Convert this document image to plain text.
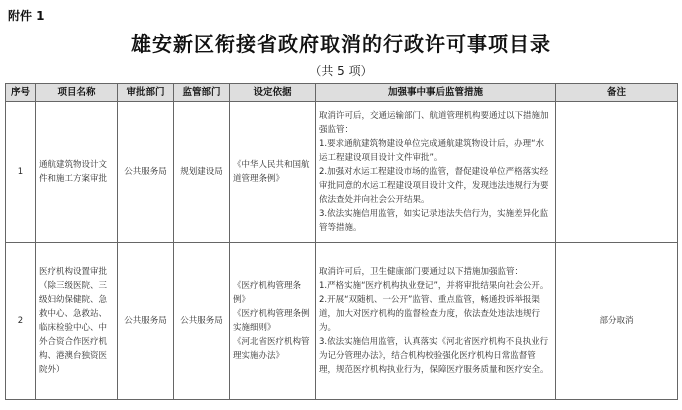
附件 1
雄安新区衔接省政府取消的行政许可事项目录
（共 5 项）
序号	项目名称	审批部门	监管部门	设定依据	加强事中事后监管措施	备注
1	通航建筑物设计文件和施工方案审批	公共服务局	规划建设局	《中华人民共和国航道管理条例》	取消许可后，交通运输部门、航道管理机构要通过以下措施加强监管：
1.要求通航建筑物建设单位完成通航建筑物设计后，办理“水运工程建设项目设计文件审批”。
2.加强对水运工程建设市场的监管，督促建设单位严格落实经审批同意的水运工程建设项目设计文件，发现违法违规行为要依法查处并向社会公开结果。
3.依法实施信用监管，如实记录违法失信行为，实施差异化监管等措施。	

2	医疗机构设置审批（除三级医院、三级妇幼保健院、急救中心、急救站、临床检验中心、中外合资合作医疗机构、港澳台独资医院外）	公共服务局	公共服务局	《医疗机构管理条例》
《医疗机构管理条例实施细则》
《河北省医疗机构管理实施办法》	取消许可后，卫生健康部门要通过以下措施加强监管：
1.严格实施“医疗机构执业登记”，并将审批结果向社会公开。
2.开展“双随机、一公开”监管、重点监管，畅通投诉举报渠道，加大对医疗机构的监督检查力度，依法查处违法违规行为。
3.依法实施信用监管，认真落实《河北省医疗机构不良执业行为记分管理办法》，结合机构校验强化医疗机构日常监督管理，规范医疗机构执业行为，保障医疗服务质量和医疗安全。	部分取消
